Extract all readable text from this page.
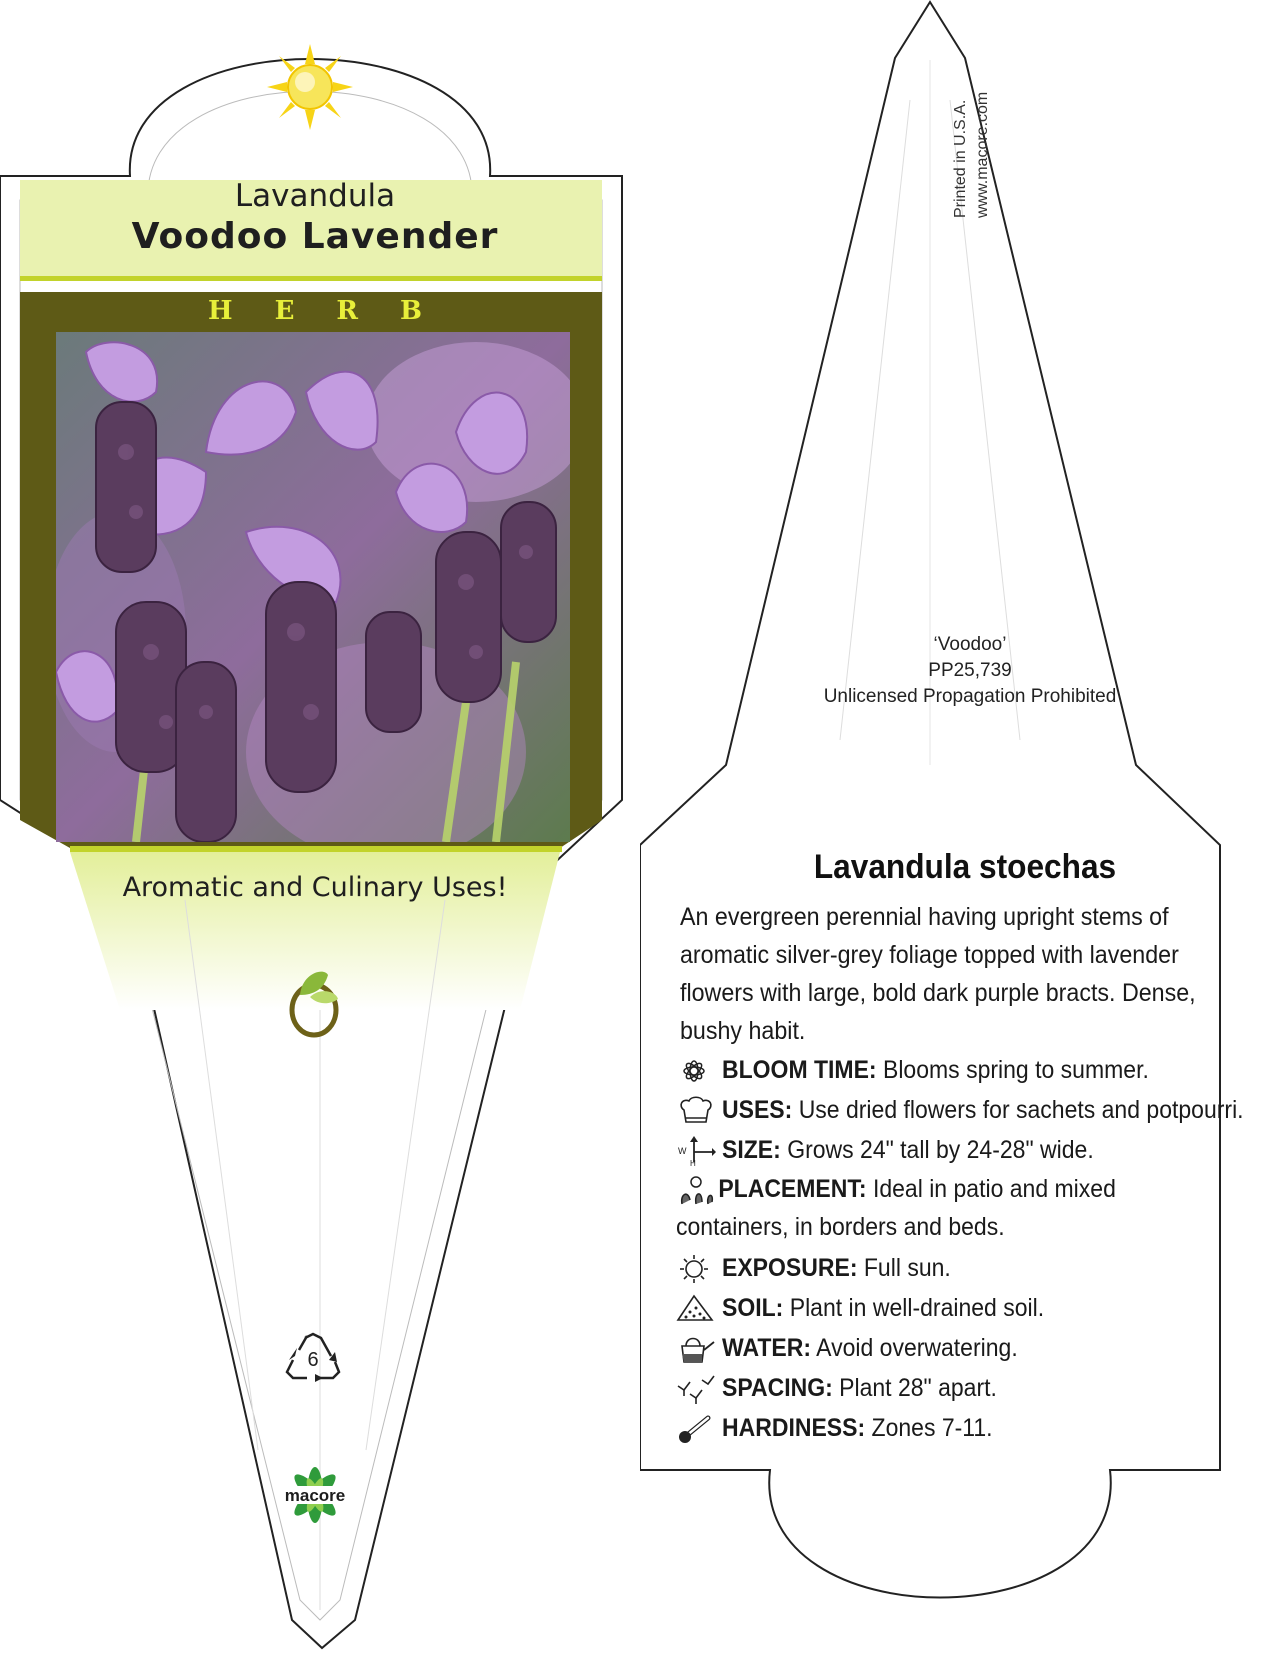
Lavandula
Voodoo Lavender
HERB
Aromatic and Culinary Uses!
6
macore
Printed in U.S.A. www.macore.com
‘Voodoo’
PP25,739
Unlicensed Propagation Prohibited
Lavandula stoechas
An evergreen perennial having upright stems of aromatic silver-grey foliage topped with lavender flowers with large, bold dark purple bracts. Dense, bushy habit.
BLOOM TIME: Blooms spring to summer.
USES: Use dried flowers for sachets and potpourri.
W
H SIZE: Grows 24" tall by 24-28" wide.
PLACEMENT: Ideal in patio and mixed containers, in borders and beds.
EXPOSURE: Full sun.
SOIL: Plant in well-drained soil.
WATER: Avoid overwatering.
SPACING: Plant 28" apart.
HARDINESS: Zones 7-11.
